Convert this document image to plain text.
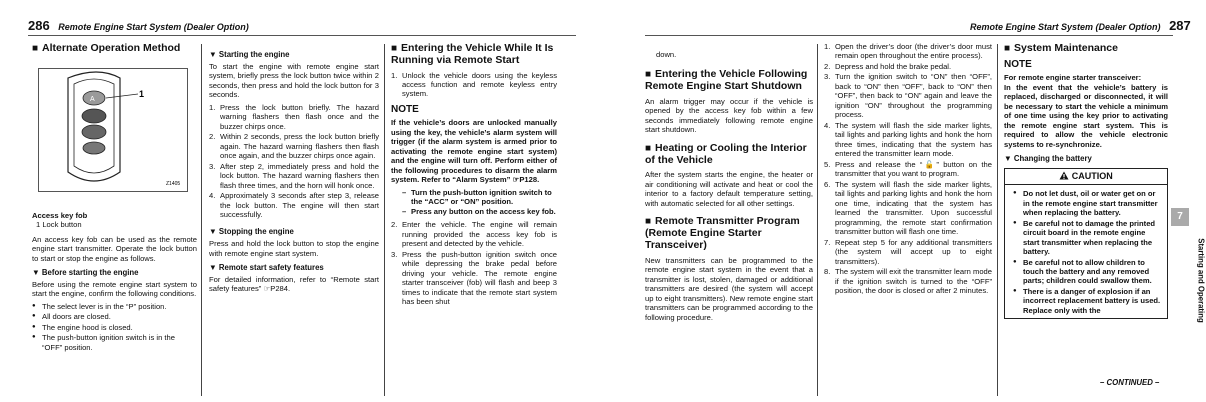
286 Remote Engine Start System (Dealer Option)	Remote Engine Start System (Dealer Option) 287
■ Alternate Operation Method
Access key fob
1 Lock button

An access key fob can be used as the remote engine start transmitter. Operate the lock button to start or stop the engine as follows.

▼ Before starting the engine

Before using the remote engine start system to start the engine, confirm the following conditions.

● The select lever is in the “P” position.
● All doors are closed.
● The engine hood is closed.
● The push-button ignition switch is in the “OFF” position.
A
1
Z1405
▼ Starting the engine

To start the engine with remote engine start system, briefly press the lock button twice within 2 seconds, then press and hold the lock button for 3 seconds.

1. Press the lock button briefly. The hazard warning flashers then flash once and the buzzer chirps once.
2. Within 2 seconds, press the lock button briefly again. The hazard warning flashers then flash once again, and the buzzer chirps once again.
3. After step 2, immediately press and hold the lock button. The hazard warning flashers then flash three times, and the horn will honk once.
4. Approximately 3 seconds after step 3, release the lock button. The engine will then start successfully.
▼ Stopping the engine

Press and hold the lock button to stop the engine with remote engine start system.

▼ Remote start safety features

For detailed information, refer to “Remote start safety features” ☞P284.

■ Entering the Vehicle While It Is Running via Remote Start
1. Unlock the vehicle doors using the keyless access function and remote keyless entry system.
NOTE

If the vehicle’s doors are unlocked manually using the key, the vehicle’s alarm system will trigger (if the alarm system is armed prior to activating the remote engine start system) and the engine will turn off. Perform either of the following procedures to disarm the alarm system. Refer to “Alarm System” ☞P128.

– Turn the push-button ignition switch to the “ACC” or “ON” position.
– Press any button on the access key fob.
2. Enter the vehicle. The engine will remain running provided the access key fob is present and detected by the vehicle.
3. Press the push-button ignition switch once while depressing the brake pedal before driving your vehicle. The remote engine starter transceiver (fob) will flash and beep 3 times to indicate that the remote start system has been shut

down.

■ Entering the Vehicle Following Remote Engine Start Shutdown

An alarm trigger may occur if the vehicle is opened by the access key fob within a few seconds immediately following remote engine start shutdown.

■ Heating or Cooling the Interior of the Vehicle

After the system starts the engine, the heater or air conditioning will activate and heat or cool the interior to a factory default temperature setting, with automatic selected for all other settings.

■ Remote Transmitter Program (Remote Engine Starter Transceiver)

New transmitters can be programmed to the remote engine start system in the event that a transmitter is lost, stolen, damaged or additional transmitters are desired (the system will accept up to eight transmitters). New remote engine start transmitters can be programmed according to the following procedure.

1. Open the driver’s door (the driver’s door must remain open throughout the entire process).
2. Depress and hold the brake pedal.
3. Turn the ignition switch to “ON” then “OFF”, back to “ON” then “OFF”, back to “ON” then “OFF”, then back to “ON” again and leave the ignition “ON” throughout the programming process.
4. The system will flash the side marker lights, tail lights and parking lights and honk the horn three times, indicating that the system has entered the transmitter learn mode.
5. Press and release the “🔓” button on the transmitter that you want to program.
6. The system will flash the side marker lights, tail lights and parking lights and honk the horn one time, indicating that the system has learned the transmitter. Upon successful programming, the remote start confirmation transmitter button will flash one time.
7. Repeat step 5 for any additional transmitters (the system will accept up to eight transmitters).
8. The system will exit the transmitter learn mode if the ignition switch is turned to the “OFF” position, the door is closed or after 2 minutes.
■ System Maintenance
NOTE

For remote engine starter transceiver:

In the event that the vehicle’s battery is replaced, discharged or disconnected, it will be necessary to start the vehicle a minimum of one time using the key prior to activating the remote engine start system. This is required to allow the vehicle electronic systems to re-synchronize.

▼ Changing the battery
CAUTION
● Do not let dust, oil or water get on or in the remote engine start transmitter when replacing the battery.
● Be careful not to damage the printed circuit board in the remote engine start transmitter when replacing the battery.
● Be careful not to allow children to touch the battery and any removed parts; children could swallow them.
● There is a danger of explosion if an incorrect replacement battery is used. Replace only with the
7
Starting and Operating
– CONTINUED –
